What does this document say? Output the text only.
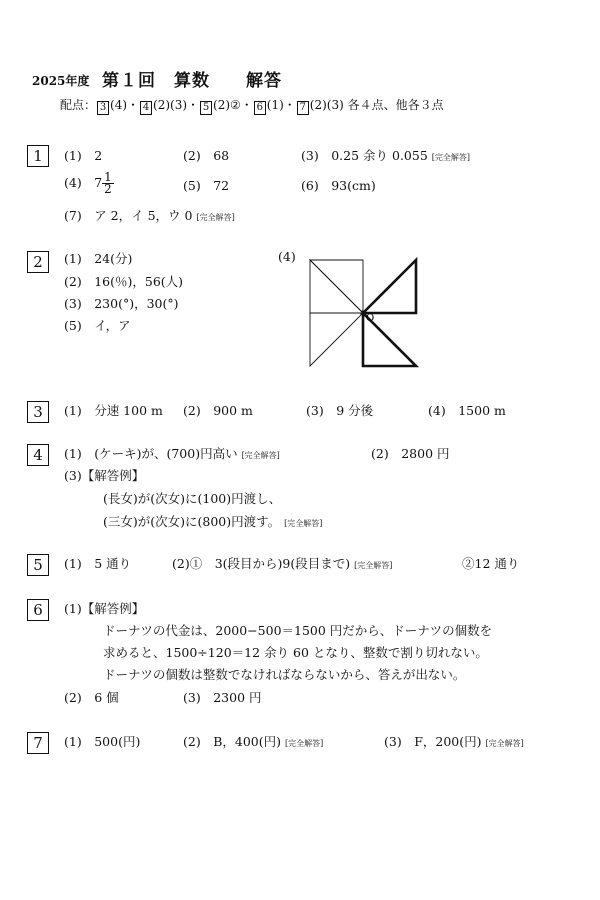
2025年度 第１回　算数　　解答
配点： 3 (4)・ 4 (2)(3)・ 5 (2)②・ 6 (1)・ 7 (2)(3) 各４点、他各３点
1	(1)　2	(2)　68	(3)　0.25 余り 0.055 [完全解答]
(4)　$7 \frac{1}{2}$	(5)　72	(6)　93(cm)
(7)　ア 2，イ 5，ウ 0 [完全解答]
2	(1)　24(分)
(2)　16(％)，56(人)
(3)　230(°)，30(°)
(5)　イ，ア
(4)
O
3	(1)　分速 100 m (2)　900 m	(3)　9 分後	(4)　1500 m
4	(1)　(ケーキ)が、(700)円高い [完全解答]	(2)　2800 円
(3)【解答例】
(長女)が(次女)に(100)円渡し、
(三女)が(次女)に(800)円渡す。 [完全解答]
5	(1)　5 通り	(2)①　3(段目から)9(段目まで) [完全解答]	②12 通り
6	(1)【解答例】
ドーナツの代金は、2000−500＝1500 円だから、ドーナツの個数を
求めると、1500÷120＝12 余り 60 となり、整数で割り切れない。
ドーナツの個数は整数でなければならないから、答えが出ない。
(2)　6 個	(3)　2300 円
7	(1)　500(円)	(2)　B，400(円) [完全解答]	(3)　F，200(円) [完全解答]
